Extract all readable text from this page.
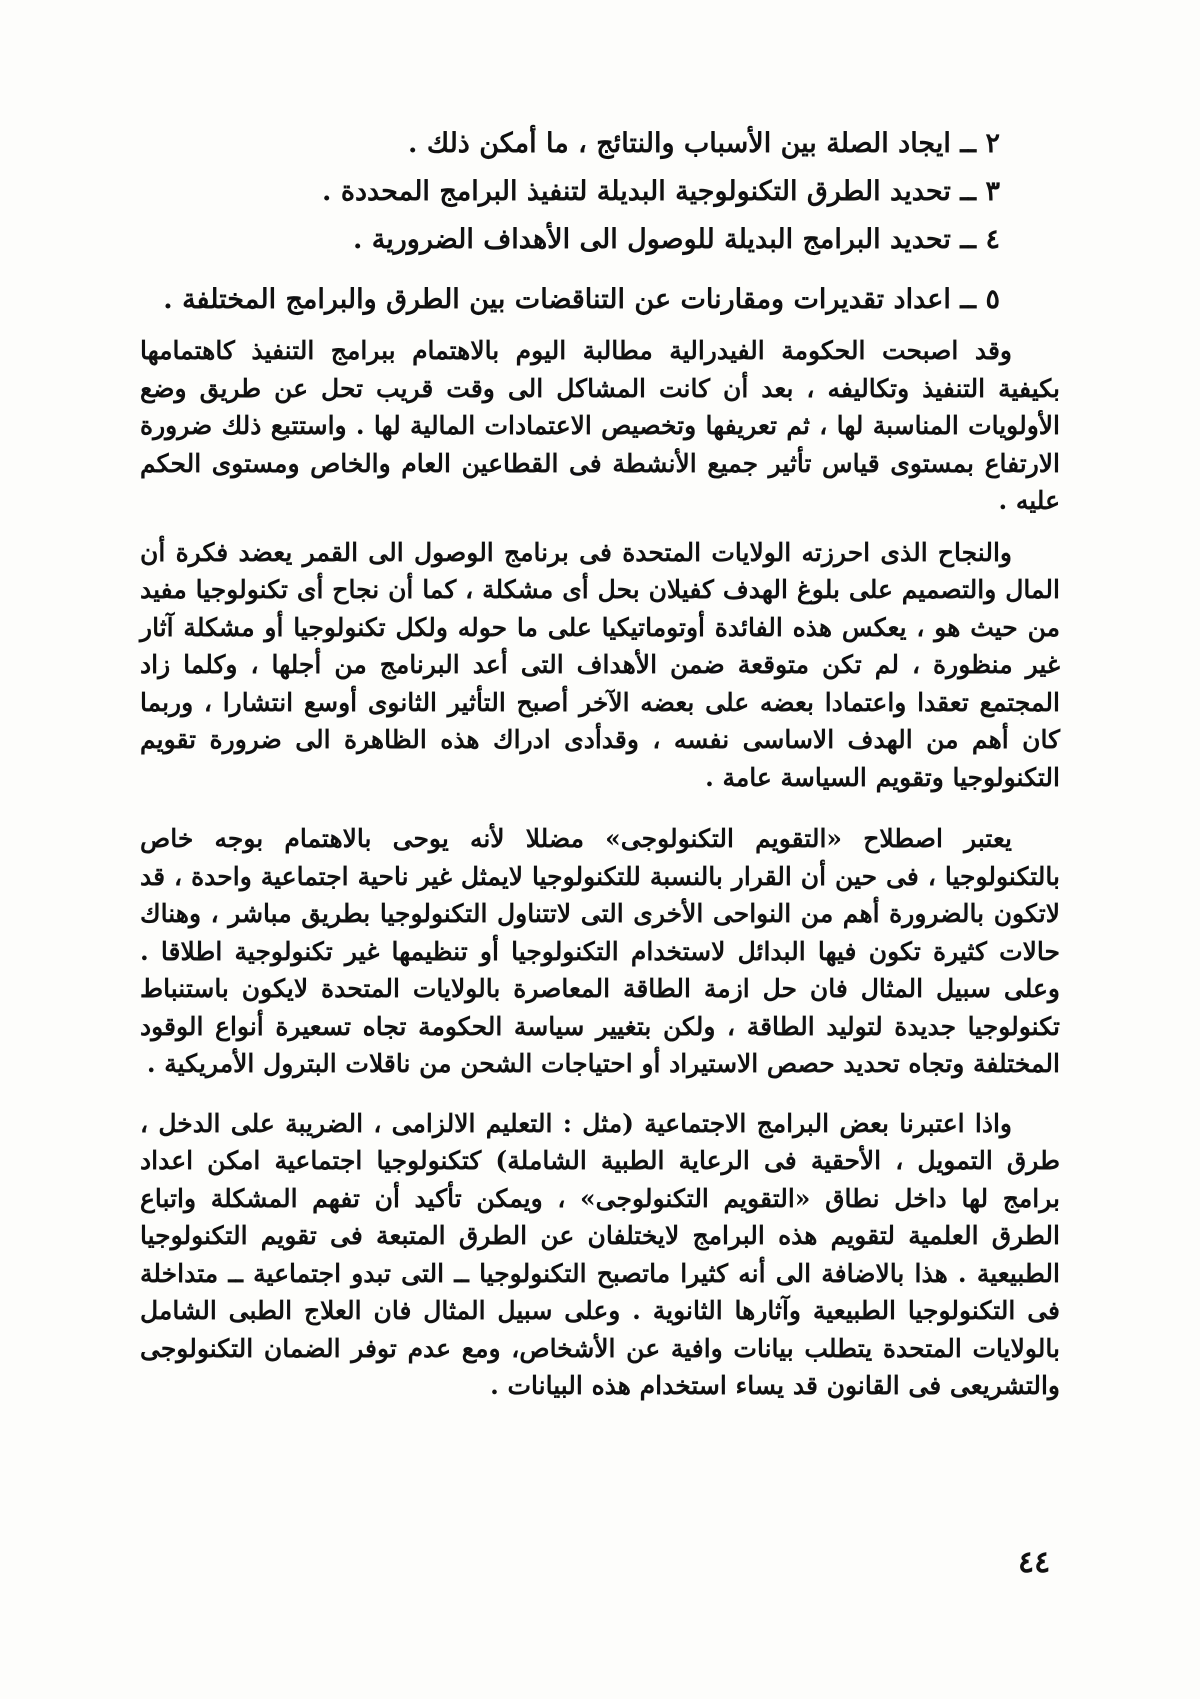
٢ ــ ايجاد الصلة بين الأسباب والنتائج ، ما أمكن ذلك .
٣ ــ تحديد الطرق التكنولوجية البديلة لتنفيذ البرامج المحددة .
٤ ــ تحديد البرامج البديلة للوصول الى الأهداف الضرورية .
٥ ــ اعداد تقديرات ومقارنات عن التناقضات بين الطرق والبرامج المختلفة .

وقد اصبحت الحكومة الفيدرالية مطالبة اليوم بالاهتمام ببرامج التنفيذ كاهتمامها بكيفية التنفيذ وتكاليفه ، بعد أن كانت المشاكل الى وقت قريب تحل عن طريق وضع الأولويات المناسبة لها ، ثم تعريفها وتخصيص الاعتمادات المالية لها . واستتبع ذلك ضرورة الارتفاع بمستوى قياس تأثير جميع الأنشطة فى القطاعين العام والخاص ومستوى الحكم عليه .

والنجاح الذى احرزته الولايات المتحدة فى برنامج الوصول الى القمر يعضد فكرة أن المال والتصميم على بلوغ الهدف كفيلان بحل أى مشكلة ، كما أن نجاح أى تكنولوجيا مفيد من حيث هو ، يعكس هذه الفائدة أوتوماتيكيا على ما حوله ولكل تكنولوجيا أو مشكلة آثار غير منظورة ، لم تكن متوقعة ضمن الأهداف التى أعد البرنامج من أجلها ، وكلما زاد المجتمع تعقدا واعتمادا بعضه على بعضه الآخر أصبح التأثير الثانوى أوسع انتشارا ، وربما كان أهم من الهدف الاساسى نفسه ، وقدأدى ادراك هذه الظاهرة الى ضرورة تقويم التكنولوجيا وتقويم السياسة عامة .

يعتبر اصطلاح «التقويم التكنولوجى» مضللا لأنه يوحى بالاهتمام بوجه خاص بالتكنولوجيا ، فى حين أن القرار بالنسبة للتكنولوجيا لايمثل غير ناحية اجتماعية واحدة ، قد لاتكون بالضرورة أهم من النواحى الأخرى التى لاتتناول التكنولوجيا بطريق مباشر ، وهناك حالات كثيرة تكون فيها البدائل لاستخدام التكنولوجيا أو تنظيمها غير تكنولوجية اطلاقا . وعلى سبيل المثال فان حل ازمة الطاقة المعاصرة بالولايات المتحدة لايكون باستنباط تكنولوجيا جديدة لتوليد الطاقة ، ولكن بتغيير سياسة الحكومة تجاه تسعيرة أنواع الوقود المختلفة وتجاه تحديد حصص الاستيراد أو احتياجات الشحن من ناقلات البترول الأمريكية .

واذا اعتبرنا بعض البرامج الاجتماعية (مثل : التعليم الالزامى ، الضريبة على الدخل ، طرق التمويل ، الأحقية فى الرعاية الطبية الشاملة) كتكنولوجيا اجتماعية امكن اعداد برامج لها داخل نطاق «التقويم التكنولوجى» ، ويمكن تأكيد أن تفهم المشكلة واتباع الطرق العلمية لتقويم هذه البرامج لايختلفان عن الطرق المتبعة فى تقويم التكنولوجيا الطبيعية . هذا بالاضافة الى أنه كثيرا ماتصبح التكنولوجيا ــ التى تبدو اجتماعية ــ متداخلة فى التكنولوجيا الطبيعية وآثارها الثانوية . وعلى سبيل المثال فان العلاج الطبى الشامل بالولايات المتحدة يتطلب بيانات وافية عن الأشخاص، ومع عدم توفر الضمان التكنولوجى والتشريعى فى القانون قد يساء استخدام هذه البيانات .

٤٤
